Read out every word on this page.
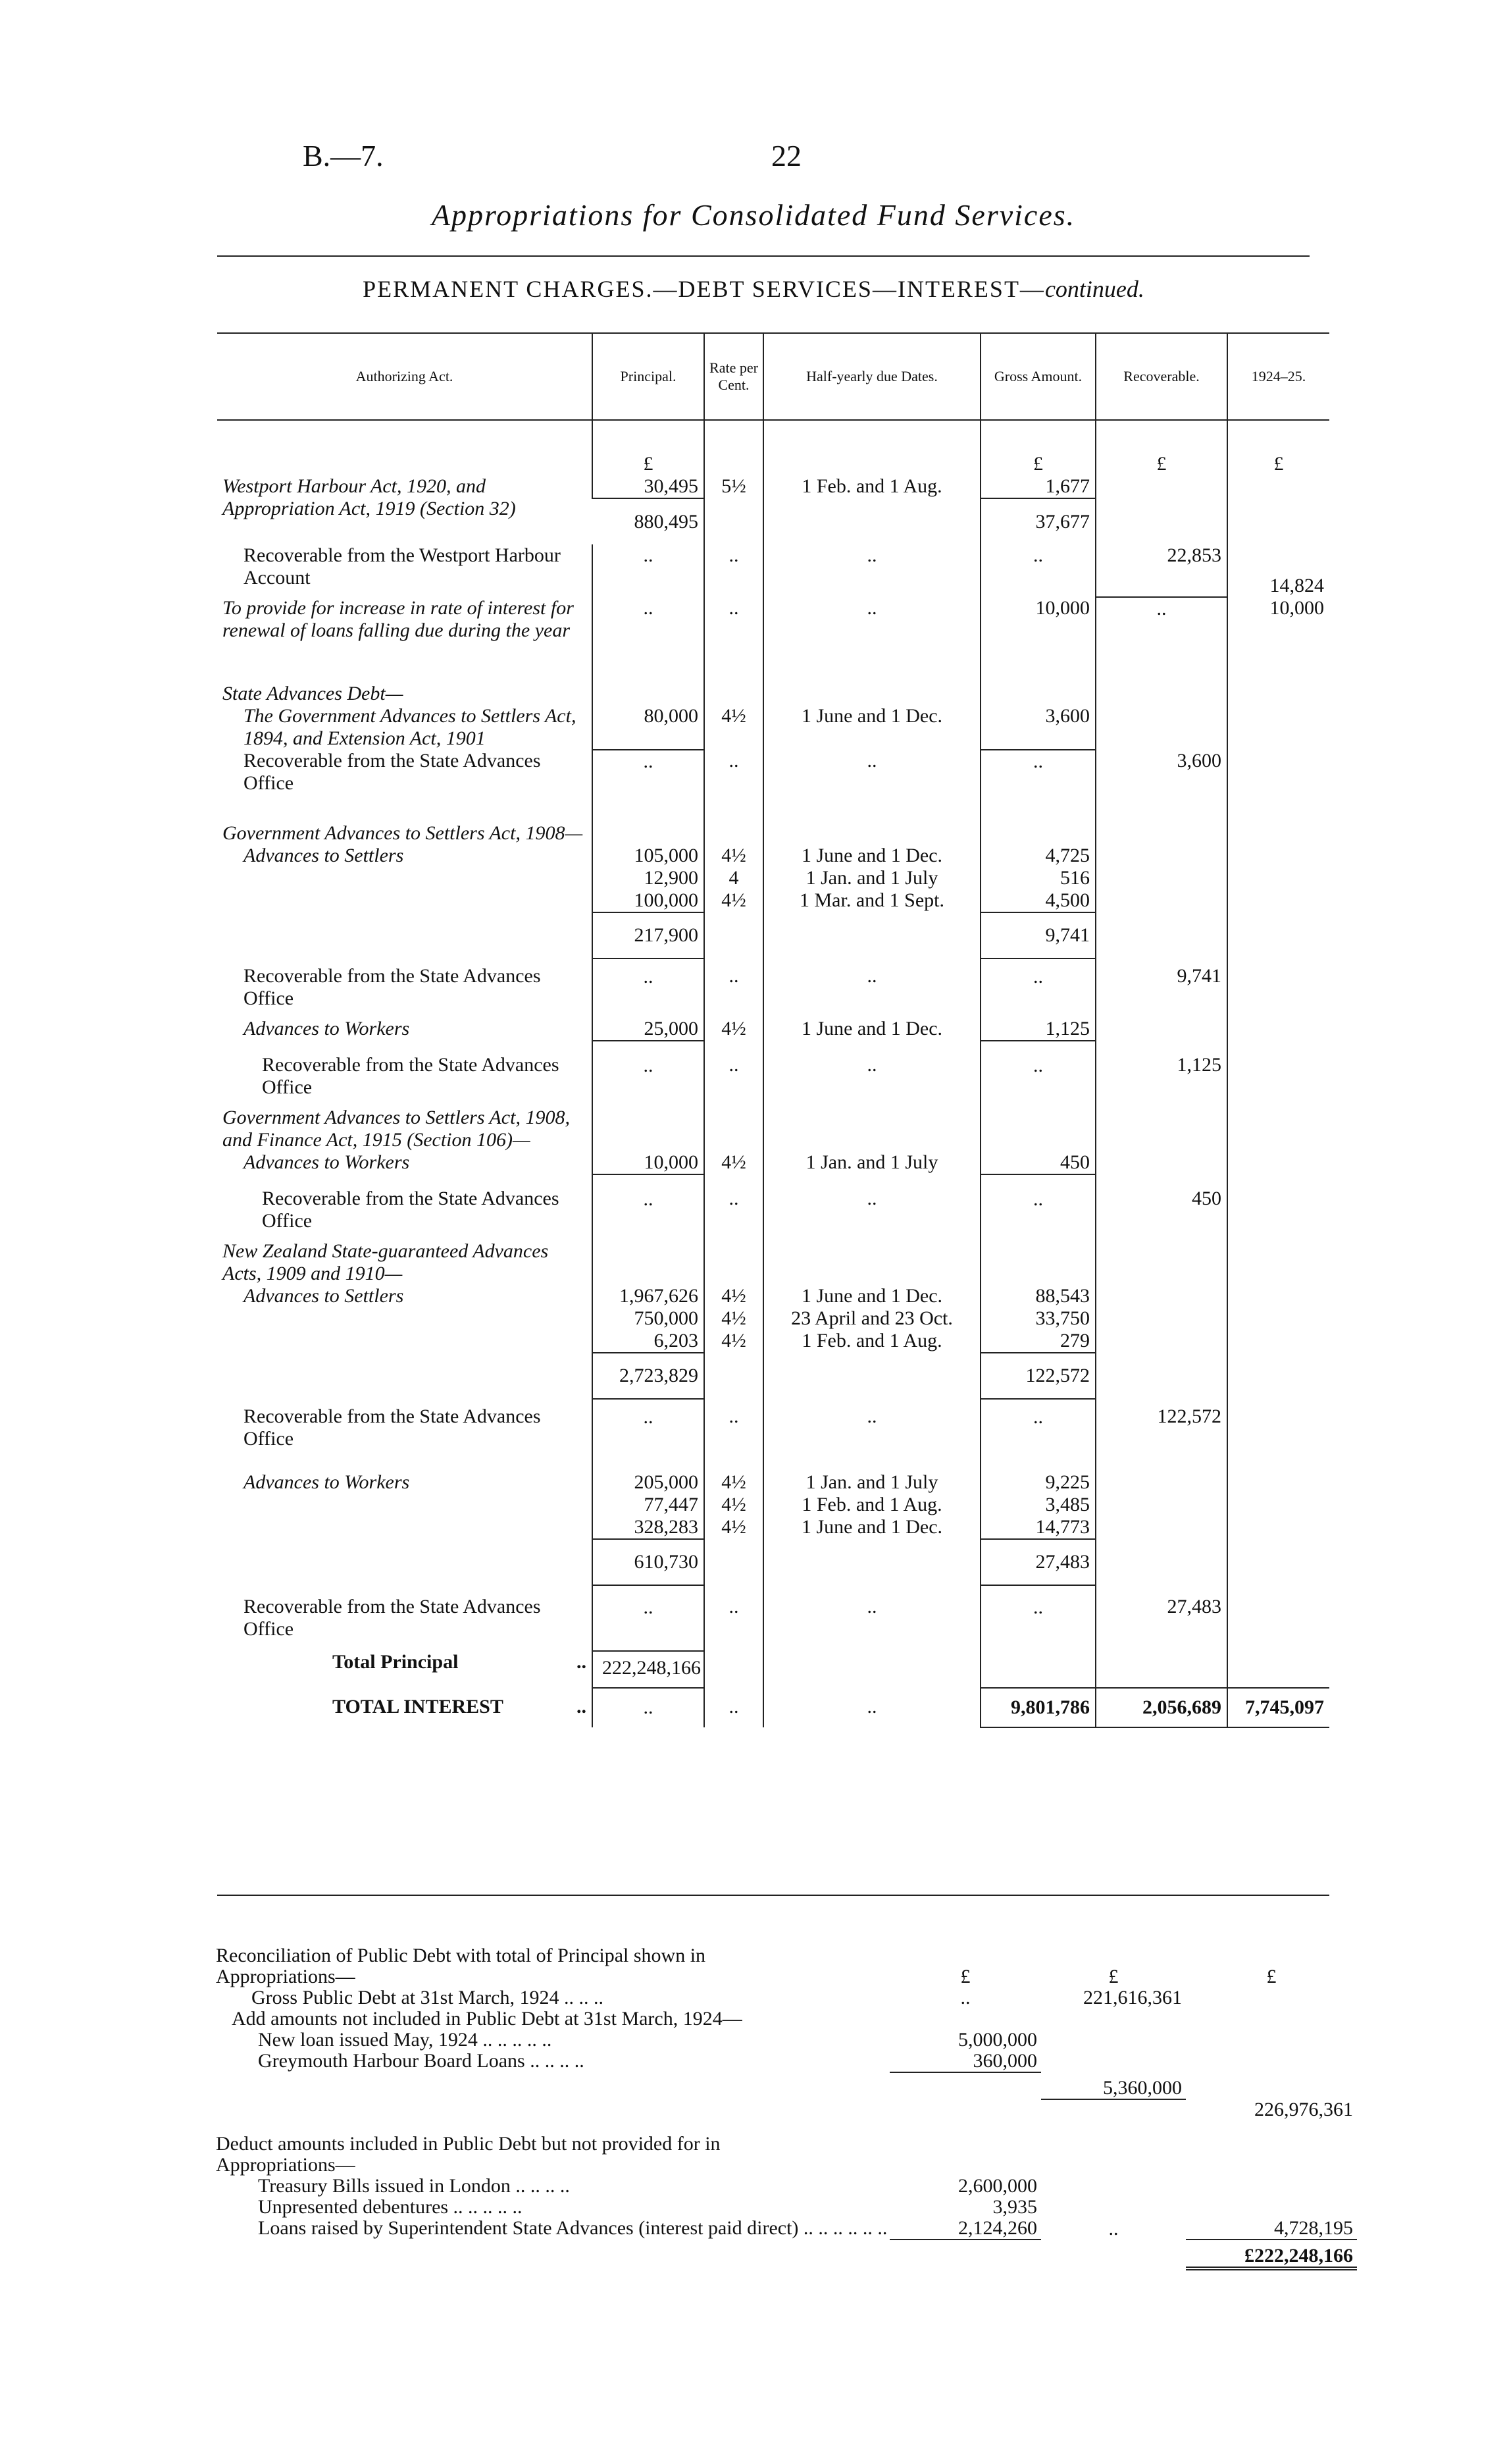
B.—7.	22
Appropriations for Consolidated Fund Services.
PERMANENT CHARGES.—DEBT SERVICES—INTEREST—continued.
Authorizing Act.	Principal.	Rate per Cent.	Half-yearly due Dates.	Gross Amount.	Recoverable.	1924–25.

	£			£	£	£
Westport Harbour Act, 1920, and Appropriation Act, 1919 (Section 32)	30,495	5½	1 Feb. and 1 Aug.	1,677		
	880,495			37,677		
Recoverable from the Westport Harbour Account	..	..	..	..	22,853	14,824
To provide for increase in rate of interest for renewal of loans falling due during the year	..	..	..	10,000	..	10,000
State Advances Debt—						
The Government Advances to Settlers Act, 1894, and Extension Act, 1901	80,000	4½	1 June and 1 Dec.	3,600		
Recoverable from the State Advances Office	..	..	..	..	3,600	
Government Advances to Settlers Act, 1908—						
Advances to Settlers	105,000	4½	1 June and 1 Dec.	4,725		
	12,900	4	1 Jan. and 1 July	516		
	100,000	4½	1 Mar. and 1 Sept.	4,500		
	217,900			9,741		
Recoverable from the State Advances Office	..	..	..	..	9,741	
Advances to Workers	25,000	4½	1 June and 1 Dec.	1,125		
Recoverable from the State Advances Office	..	..	..	..	1,125	
Government Advances to Settlers Act, 1908, and Finance Act, 1915 (Section 106)—						
Advances to Workers	10,000	4½	1 Jan. and 1 July	450		
Recoverable from the State Advances Office	..	..	..	..	450	
New Zealand State-guaranteed Advances Acts, 1909 and 1910—						
Advances to Settlers	1,967,626	4½	1 June and 1 Dec.	88,543		
	750,000	4½	23 April and 23 Oct.	33,750		
	6,203	4½	1 Feb. and 1 Aug.	279		
	2,723,829			122,572		
Recoverable from the State Advances Office	..	..	..	..	122,572	
Advances to Workers	205,000	4½	1 Jan. and 1 July	9,225		
	77,447	4½	1 Feb. and 1 Aug.	3,485		
	328,283	4½	1 June and 1 Dec.	14,773		
	610,730			27,483		
Recoverable from the State Advances Office	..	..	..	..	27,483	
Total Principal ..	222,248,166					
TOTAL INTEREST ..	..	..	..	9,801,786	2,056,689	7,745,097
Reconciliation of Public Debt with total of Principal shown in Appropriations—	£	£	£
Gross Public Debt at 31st March, 1924 .. .. ..	..	221,616,361	
Add amounts not included in Public Debt at 31st March, 1924—			
New loan issued May, 1924 .. .. .. .. ..	5,000,000		
Greymouth Harbour Board Loans .. .. .. ..	360,000		
		5,360,000	
			226,976,361

Deduct amounts included in Public Debt but not provided for in Appropriations—			
Treasury Bills issued in London .. .. .. ..	2,600,000		
Unpresented debentures .. .. .. .. ..	3,935		
Loans raised by Superintendent State Advances (interest paid direct) .. .. .. .. .. ..	2,124,260	..	4,728,195
			£222,248,166
